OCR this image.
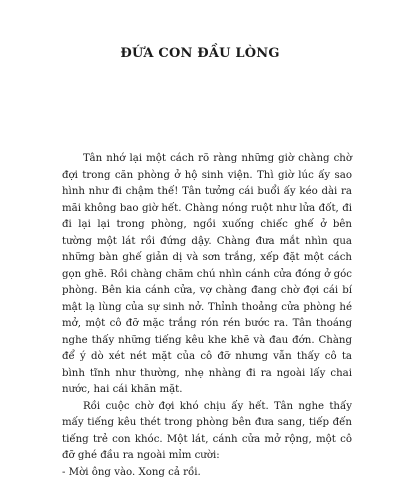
ĐỨA CON ĐẦU LÒNG

Tân nhớ lại một cách rõ ràng những giờ chàng chờ đợi trong căn phòng ở hộ sinh viện. Thì giờ lúc ấy sao hình như đi chậm thế! Tân tưởng cái buổi ấy kéo dài ra mãi không bao giờ hết. Chàng nóng ruột như lửa đốt, đi đi lại lại trong phòng, ngồi xuống chiếc ghế ở bên tường một lát rồi đứng dậy. Chàng đưa mắt nhìn qua những bàn ghế giản dị và sơn trắng, xếp đặt một cách gọn ghẽ. Rồi chàng chăm chú nhìn cánh cửa đóng ở góc phòng. Bên kia cánh cửa, vợ chàng đang chờ đợi cái bí mật lạ lùng của sự sinh nở. Thỉnh thoảng cửa phòng hé mở, một cô đỡ mặc trắng rón rén bước ra. Tân thoáng nghe thấy những tiếng kêu khe khẽ và đau đớn. Chàng để ý dò xét nét mặt của cô đỡ nhưng vẫn thấy cô ta bình tĩnh như thường, nhẹ nhàng đi ra ngoài lấy chai nước, hai cái khăn mặt.

Rồi cuộc chờ đợi khó chịu ấy hết. Tân nghe thấy mấy tiếng kêu thét trong phòng bên đưa sang, tiếp đến tiếng trẻ con khóc. Một lát, cánh cửa mở rộng, một cô đỡ ghé đầu ra ngoài mỉm cười:

- Mời ông vào. Xong cả rồi.
